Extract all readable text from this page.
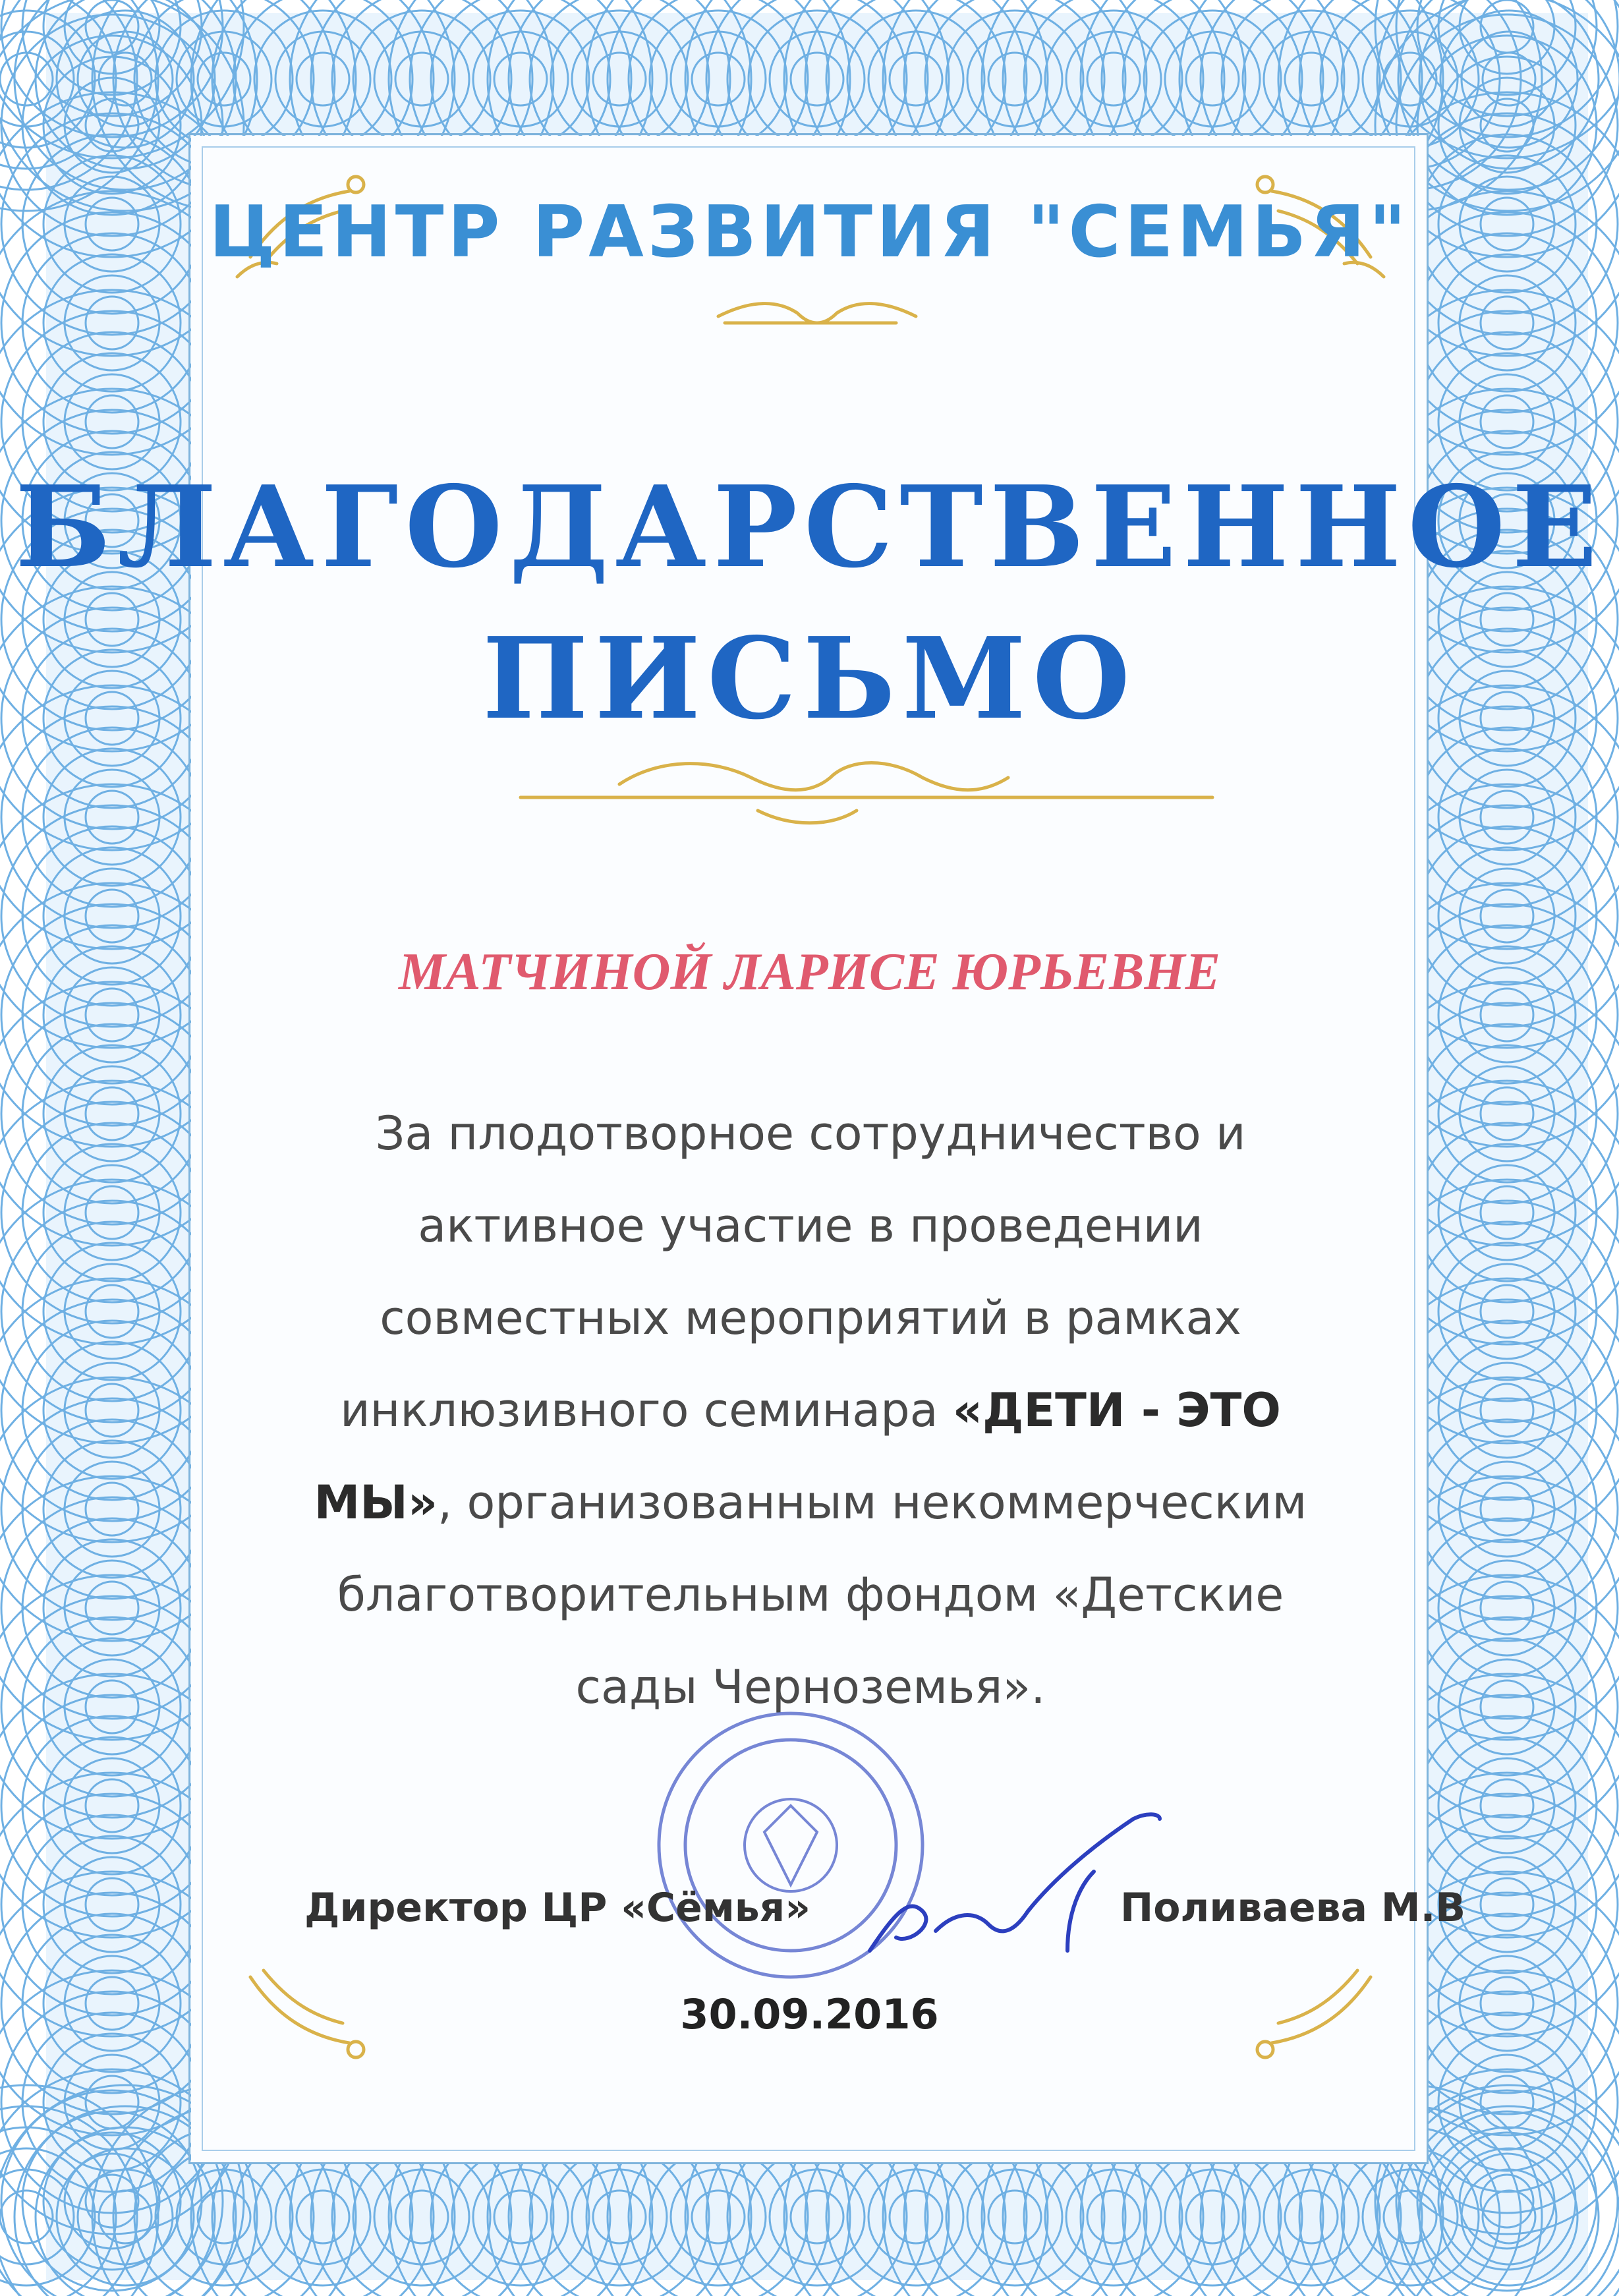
ЦЕНТР РАЗВИТИЯ "СЕМЬЯ"
БЛАГОДАРСТВЕННОЕ
ПИСЬМО
МАТЧИНОЙ ЛАРИСЕ ЮРЬЕВНЕ
За плодотворное сотрудничество и активное участие в проведении совместных мероприятий в рамках инклюзивного семинара «ДЕТИ - ЭТО МЫ», организованным некоммерческим благотворительным фондом «Детские сады Черноземья».
Директор ЦР «Сёмья»	Поливаева М.В
30.09.2016
